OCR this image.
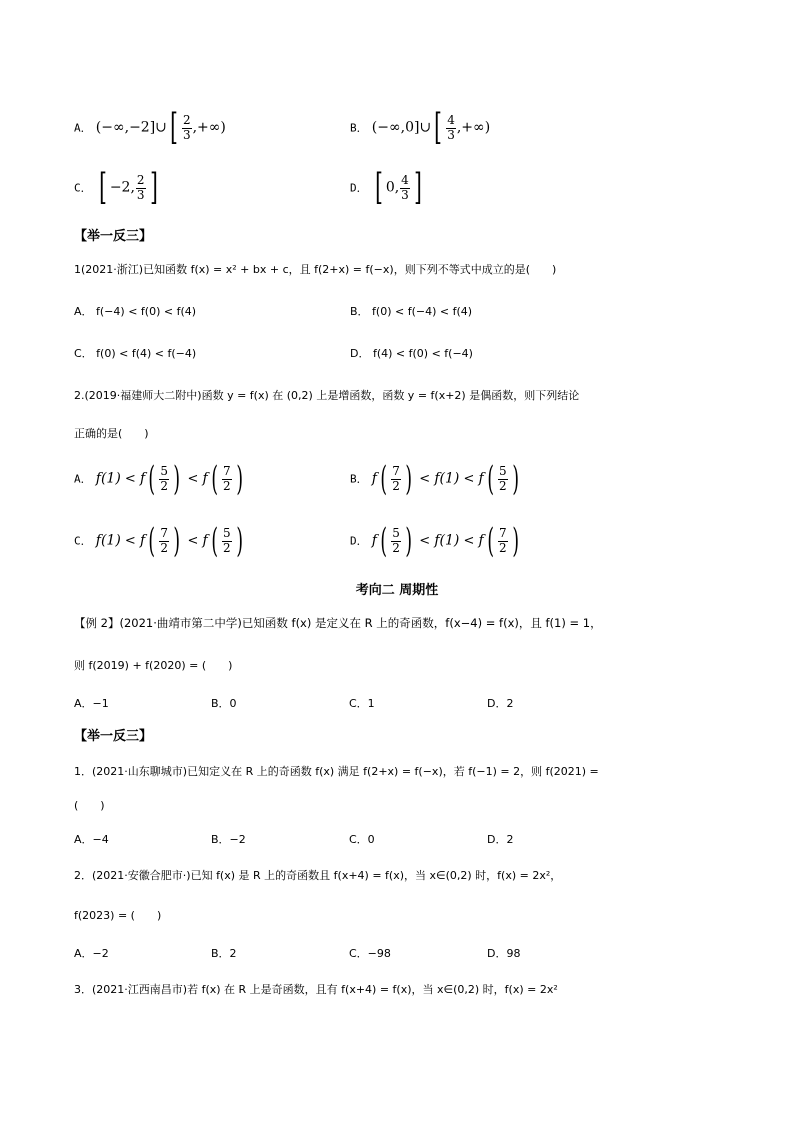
A． (−∞,−2]∪[ $\frac{2}{3}$ ,+∞)	B． (−∞,0]∪[ $\frac{4}{3}$ ,+∞)
C． [ −2, $\frac{2}{3}$ ]	D． [ 0, $\frac{4}{3}$ ]
【举一反三】
1(2021·浙江)已知函数 f(x) = x² + bx + c，且 f(2+x) = f(−x)，则下列不等式中成立的是(　　)
A． f(−4) < f(0) < f(4)	B． f(0) < f(−4) < f(4)
C． f(0) < f(4) < f(−4)	D． f(4) < f(0) < f(−4)
2.(2019·福建师大二附中)函数 y = f(x) 在 (0,2) 上是增函数，函数 y = f(x+2) 是偶函数，则下列结论
正确的是(　　)
A． $f(1) < f( \frac{5}{2}$ ) < $f( \frac{7}{2}$ )	B． $f( \frac{7}{2}$ ) < $f(1) < f( \frac{5}{2}$ )
C． $f(1) < f( \frac{7}{2}$ ) < $f( \frac{5}{2}$ )	D． $f( \frac{5}{2}$ ) < $f(1) < f( \frac{7}{2}$ )
考向二 周期性
【例 2】(2021·曲靖市第二中学)已知函数 f(x) 是定义在 R 上的奇函数，f(x−4) = f(x)，且 f(1) = 1，
则 f(2019) + f(2020) = (　　)
A．−1	B．0	C．1	D．2
【举一反三】
1．(2021·山东聊城市)已知定义在 R 上的奇函数 f(x) 满足 f(2+x) = f(−x)，若 f(−1) = 2，则 f(2021) =
(　　)
A．−4	B．−2	C．0	D．2
2．(2021·安徽合肥市·)已知 f(x) 是 R 上的奇函数且 f(x+4) = f(x)，当 x∈(0,2) 时，f(x) = 2x²，
f(2023) = (　　)
A．−2	B．2	C．−98	D．98
3．(2021·江西南昌市)若 f(x) 在 R 上是奇函数，且有 f(x+4) = f(x)，当 x∈(0,2) 时，f(x) = 2x²
